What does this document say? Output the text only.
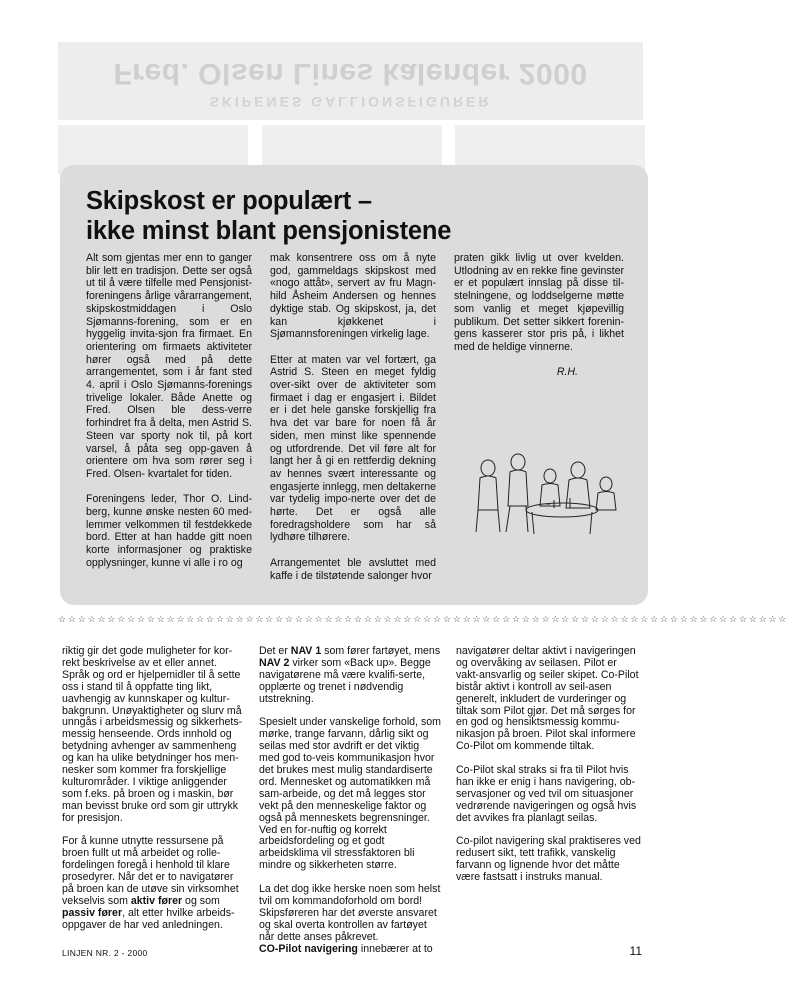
Fred. Olsen Lines kalender 2000
SKIPENES GALLIONSFIGURER
Skipskost er populært –
ikke minst blant pensjonistene

Alt som gjentas mer enn to ganger blir lett en tradisjon. Dette ser også ut til å være tilfelle med Pensjonist-foreningens årlige vårarrangement, skipskostmiddagen i Oslo Sjømanns-forening, som er en hyggelig invita-sjon fra firmaet. En orientering om firmaets aktiviteter hører også med på dette arrangementet, som i år fant sted 4. april i Oslo Sjømanns-forenings trivelige lokaler. Både Anette og Fred. Olsen ble dess-verre forhindret fra å delta, men Astrid S. Steen var sporty nok til, på kort varsel, å påta seg opp-gaven å orientere om hva som rører seg i Fred. Olsen- kvartalet for tiden.

Foreningens leder, Thor O. Lind-berg, kunne ønske nesten 60 med-lemmer velkommen til festdekkede bord. Etter at han hadde gitt noen korte informasjoner og praktiske opplysninger, kunne vi alle i ro og

mak konsentrere oss om å nyte god, gammeldags skipskost med «nogo attåt», servert av fru Magn-hild Åsheim Andersen og hennes dyktige stab. Og skipskost, ja, det kan kjøkkenet i Sjømannsforeningen virkelig lage.

Etter at maten var vel fortært, ga Astrid S. Steen en meget fyldig over-sikt over de aktiviteter som firmaet i dag er engasjert i. Bildet er i det hele ganske forskjellig fra hva det var bare for noen få år siden, men minst like spennende og utfordrende. Det vil føre alt for langt her å gi en rettferdig dekning av hennes svært interessante og engasjerte innlegg, men deltakerne var tydelig impo-nerte over det de hørte. Det er også alle foredragsholdere som har så lydhøre tilhørere.

Arrangementet ble avsluttet med kaffe i de tilstøtende salonger hvor

praten gikk livlig ut over kvelden. Utlodning av en rekke fine gevinster er et populært innslag på disse til-stelningene, og loddselgerne møtte som vanlig et meget kjøpevillig publikum. Det setter sikkert forenin-gens kasserer stor pris på, i likhet med de heldige vinnerne.

R.H.
☆☆☆☆☆☆☆☆☆☆☆☆☆☆☆☆☆☆☆☆☆☆☆☆☆☆☆☆☆☆☆☆☆☆☆☆☆☆☆☆☆☆☆☆☆☆☆☆☆☆☆☆☆☆☆☆☆☆☆☆☆☆☆☆☆☆☆☆☆☆☆☆☆☆

riktig gir det gode muligheter for kor-rekt beskrivelse av et eller annet. Språk og ord er hjelpemidler til å sette oss i stand til å oppfatte ting likt, uavhengig av kunnskaper og kultur-bakgrunn. Unøyaktigheter og slurv må unngås i arbeidsmessig og sikkerhets-messig henseende. Ords innhold og betydning avhenger av sammenheng og kan ha ulike betydninger hos men-nesker som kommer fra forskjellige kulturområder. I viktige anliggender som f.eks. på broen og i maskin, bør man bevisst bruke ord som gir uttrykk for presisjon.

For å kunne utnytte ressursene på broen fullt ut må arbeidet og rolle-fordelingen foregå i henhold til klare prosedyrer. Når det er to navigatører på broen kan de utøve sin virksomhet vekselvis som aktiv fører og som passiv fører, alt etter hvilke arbeids-oppgaver de har ved anledningen.

Det er NAV 1 som fører fartøyet, mens NAV 2 virker som «Back up». Begge navigatørene må være kvalifi-serte, opplærte og trenet i nødvendig utstrekning.

Spesielt under vanskelige forhold, som mørke, trange farvann, dårlig sikt og seilas med stor avdrift er det viktig med god to-veis kommunikasjon hvor det brukes mest mulig standardiserte ord. Mennesket og automatikken må sam-arbeide, og det må legges stor vekt på den menneskelige faktor og også på menneskets begrensninger. Ved en for-nuftig og korrekt arbeidsfordeling og et godt arbeidsklima vil stressfaktoren bli mindre og sikkerheten større.

La det dog ikke herske noen som helst tvil om kommandoforhold om bord! Skipsføreren har det øverste ansvaret og skal overta kontrollen av fartøyet når dette anses påkrevet.
CO-Pilot navigering innebærer at to

navigatører deltar aktivt i navigeringen og overvåking av seilasen. Pilot er vakt-ansvarlig og seiler skipet. Co-Pilot bistår aktivt i kontroll av seil-asen generelt, inkludert de vurderinger og tiltak som Pilot gjør. Det må sørges for en god og hensiktsmessig kommu-nikasjon på broen. Pilot skal informere Co-Pilot om kommende tiltak.

Co-Pilot skal straks si fra til Pilot hvis han ikke er enig i hans navigering, ob-servasjoner og ved tvil om situasjoner vedrørende navigeringen og også hvis det avvikes fra planlagt seilas.

Co-pilot navigering skal praktiseres ved redusert sikt, tett trafikk, vanskelig farvann og lignende hvor det måtte være fastsatt i instruks manual.

LINJEN NR. 2 - 2000	11
